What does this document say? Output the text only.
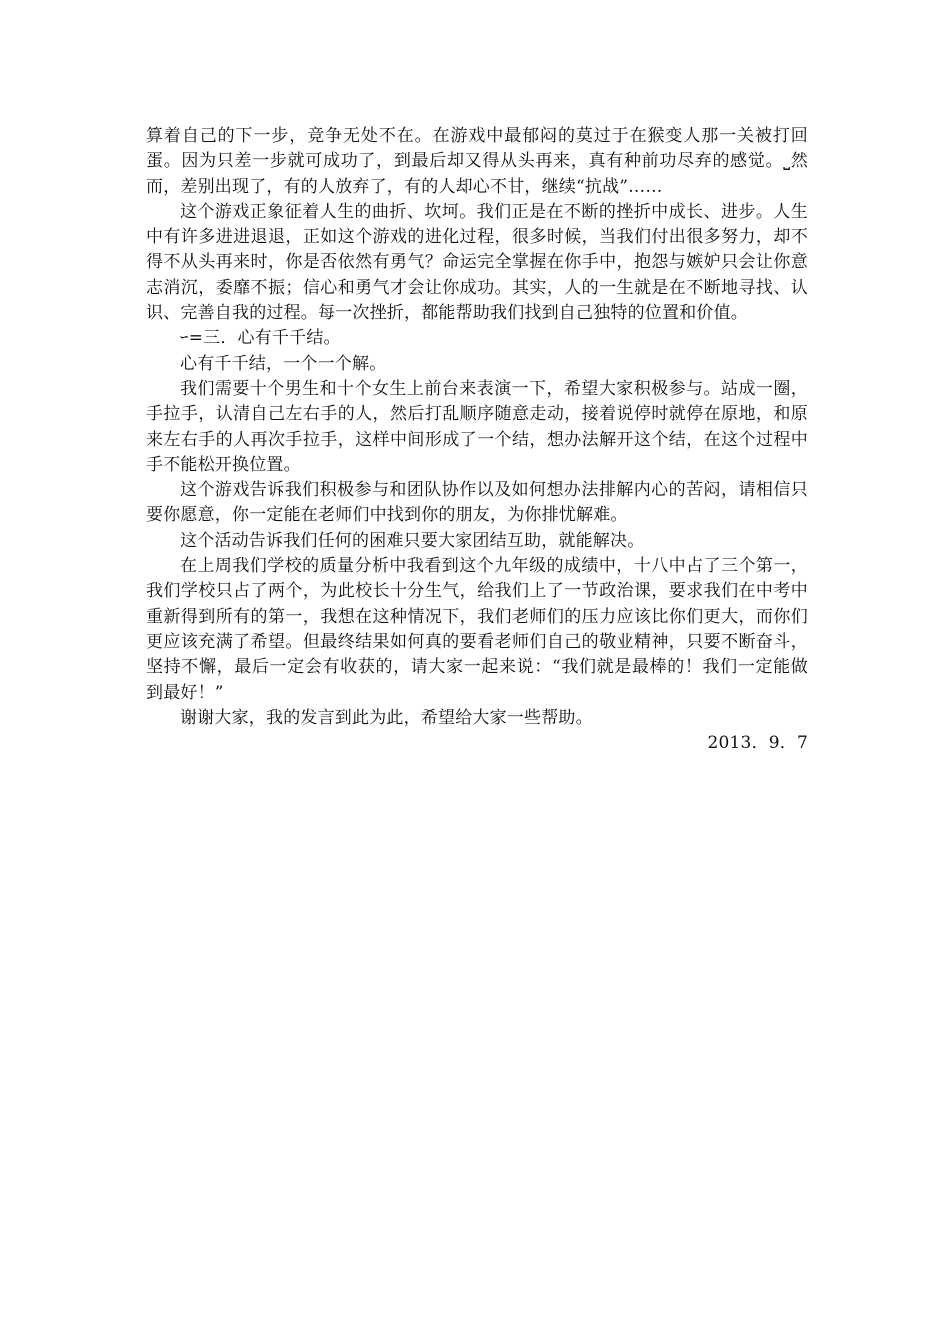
算着自己的下一步，竞争无处不在。在游戏中最郁闷的莫过于在猴变人那一关被打回蛋。因为只差一步就可成功了，到最后却又得从头再来，真有种前功尽弃的感觉。⎵然而，差别出现了，有的人放弃了，有的人却心不甘，继续“抗战”……

这个游戏正象征着人生的曲折、坎坷。我们正是在不断的挫折中成长、进步。人生中有许多进进退退，正如这个游戏的进化过程，很多时候，当我们付出很多努力，却不得不从头再来时，你是否依然有勇气？命运完全掌握在你手中，抱怨与嫉妒只会让你意志消沉，委靡不振；信心和勇气才会让你成功。其实，人的一生就是在不断地寻找、认识、完善自我的过程。每一次挫折，都能帮助我们找到自己独特的位置和价值。

ｰ=三．心有千千结。

心有千千结，一个一个解。

我们需要十个男生和十个女生上前台来表演一下，希望大家积极参与。站成一圈，手拉手，认清自己左右手的人，然后打乱顺序随意走动，接着说停时就停在原地，和原来左右手的人再次手拉手，这样中间形成了一个结，想办法解开这个结，在这个过程中手不能松开换位置。

这个游戏告诉我们积极参与和团队协作以及如何想办法排解内心的苦闷，请相信只要你愿意，你一定能在老师们中找到你的朋友，为你排忧解难。

这个活动告诉我们任何的困难只要大家团结互助，就能解决。

在上周我们学校的质量分析中我看到这个九年级的成绩中，十八中占了三个第一，我们学校只占了两个，为此校长十分生气，给我们上了一节政治课，要求我们在中考中重新得到所有的第一，我想在这种情况下，我们老师们的压力应该比你们更大，而你们更应该充满了希望。但最终结果如何真的要看老师们自己的敬业精神，只要不断奋斗，坚持不懈，最后一定会有收获的，请大家一起来说：“我们就是最棒的！我们一定能做到最好！”

谢谢大家，我的发言到此为此，希望给大家一些帮助。

2013．9．7
